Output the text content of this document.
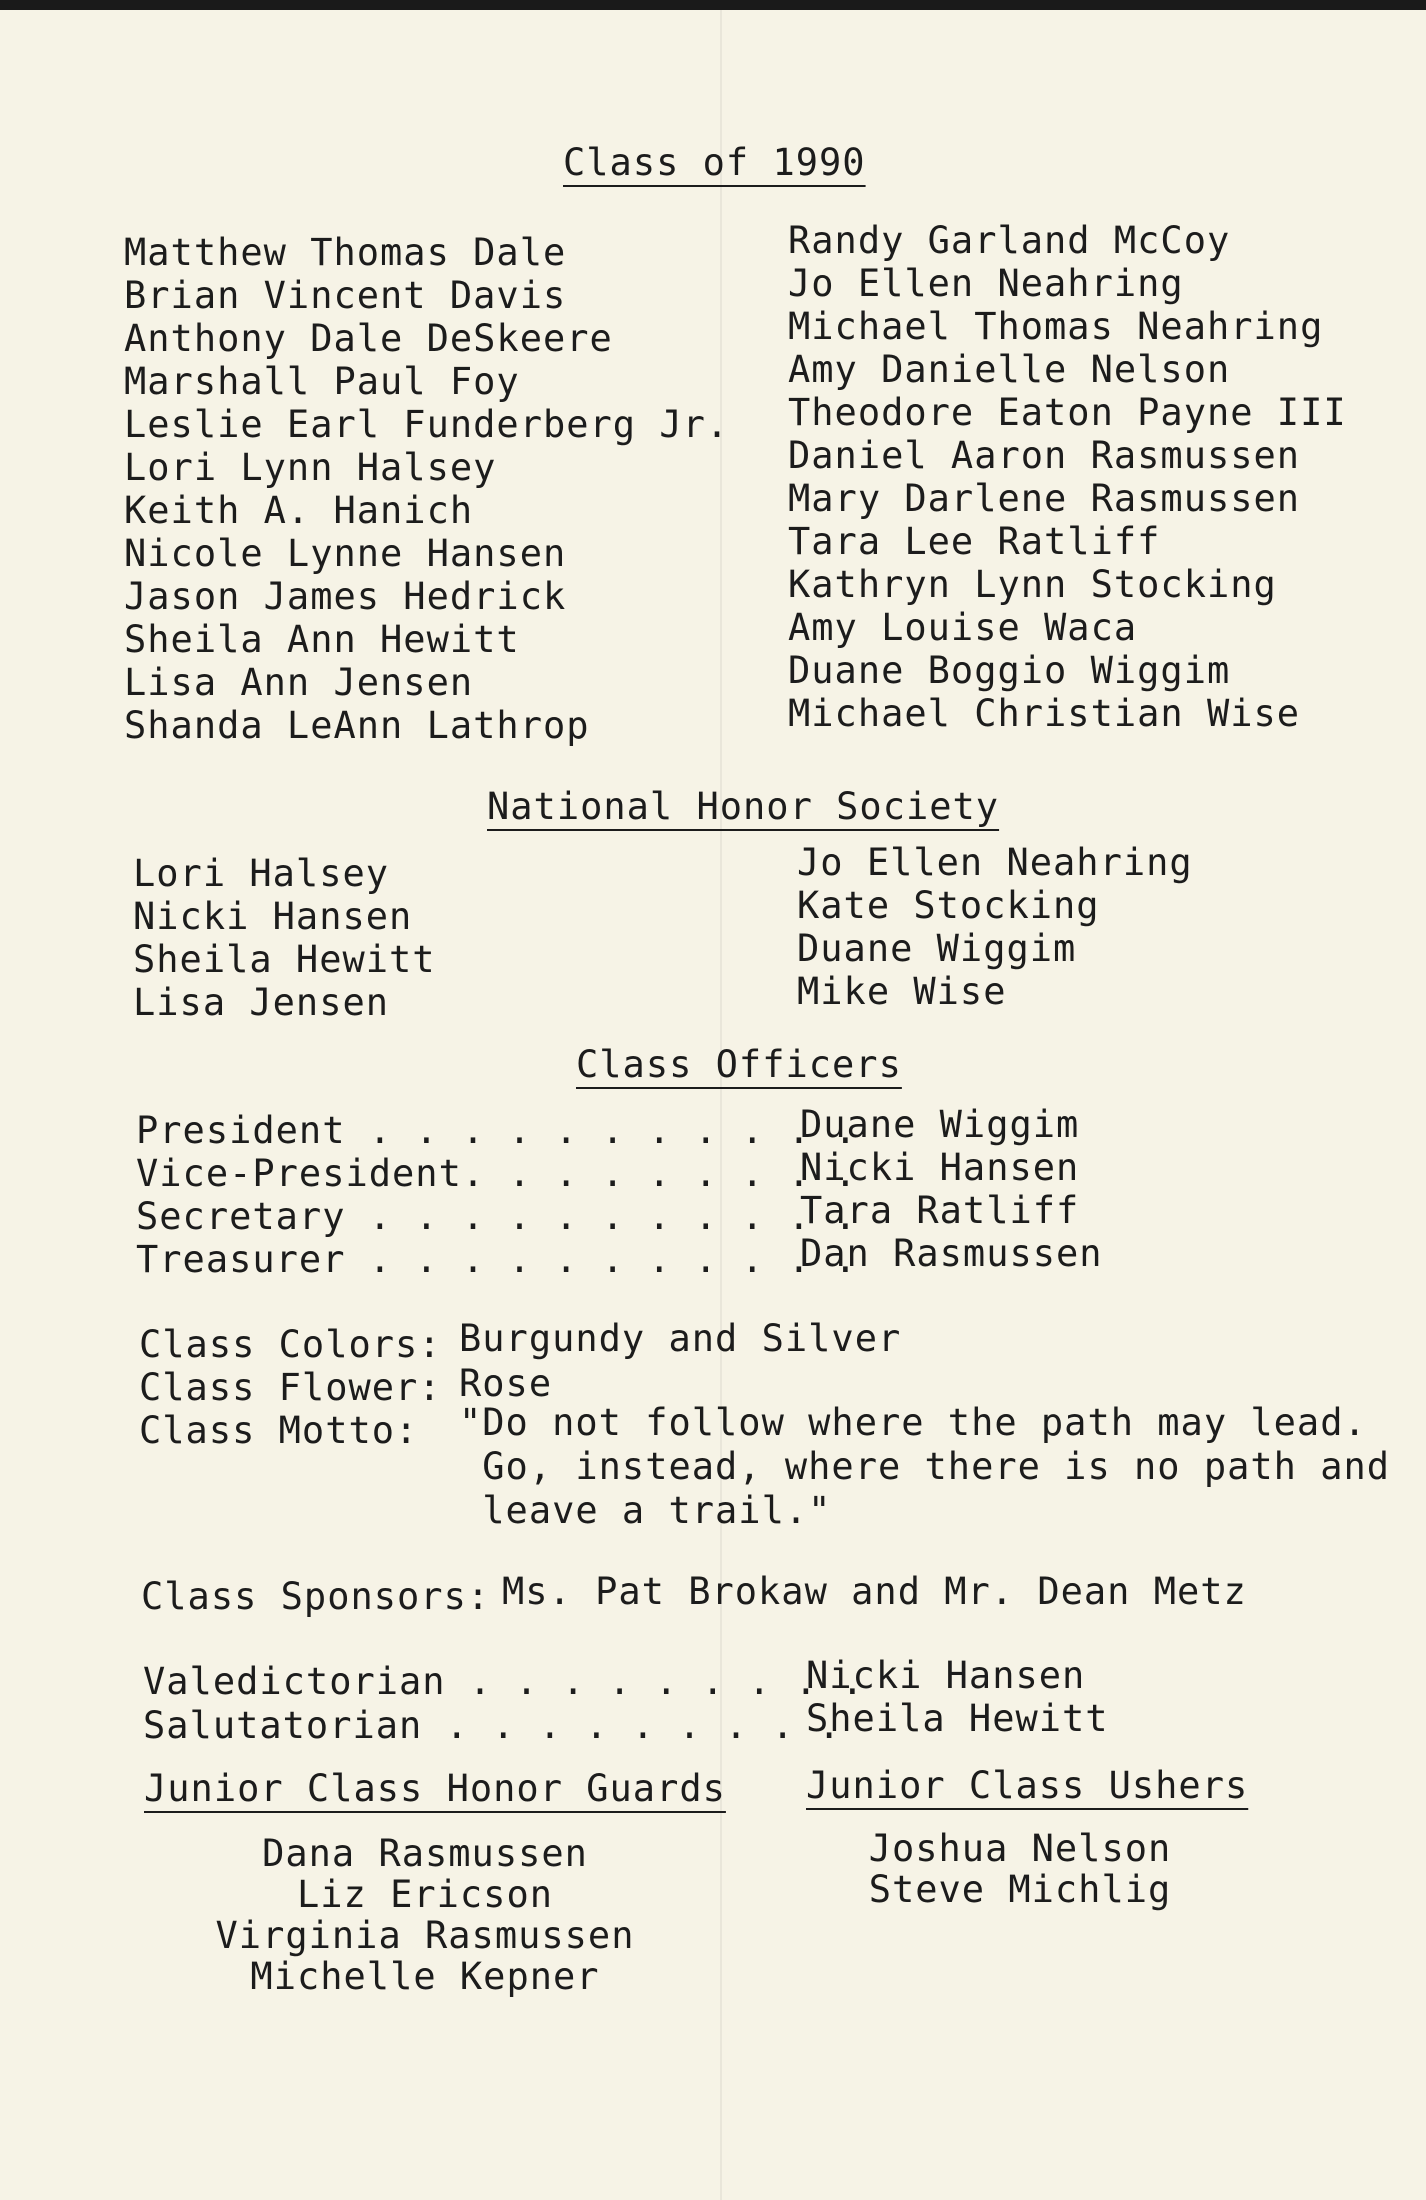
Class of 1990
Matthew Thomas Dale
Brian Vincent Davis
Anthony Dale DeSkeere
Marshall Paul Foy
Leslie Earl Funderberg Jr.
Lori Lynn Halsey
Keith A. Hanich
Nicole Lynne Hansen
Jason James Hedrick
Sheila Ann Hewitt
Lisa Ann Jensen
Shanda LeAnn Lathrop
Randy Garland McCoy
Jo Ellen Neahring
Michael Thomas Neahring
Amy Danielle Nelson
Theodore Eaton Payne III
Daniel Aaron Rasmussen
Mary Darlene Rasmussen
Tara Lee Ratliff
Kathryn Lynn Stocking
Amy Louise Waca
Duane Boggio Wiggim
Michael Christian Wise
National Honor Society
Lori Halsey
Nicki Hansen
Sheila Hewitt
Lisa Jensen
Jo Ellen Neahring
Kate Stocking
Duane Wiggim
Mike Wise
Class Officers
President . . . . . . . . . . .
Vice-President. . . . . . . . .
Secretary . . . . . . . . . . .
Treasurer . . . . . . . . . . .
Duane Wiggim
Nicki Hansen
Tara Ratliff
Dan Rasmussen
Class Colors: Burgundy and Silver
Class Flower: Rose
Class Motto: "Do not follow where the path may lead.
Go, instead, where there is no path and
leave a trail."
Class Sponsors: Ms. Pat Brokaw and Mr. Dean Metz
Valedictorian . . . . . . . . .
Nicki Hansen
Salutatorian . . . . . . . . .
Sheila Hewitt
Junior Class Honor Guards
Dana Rasmussen
Liz Ericson
Virginia Rasmussen
Michelle Kepner
Junior Class Ushers
Joshua Nelson
Steve Michlig
